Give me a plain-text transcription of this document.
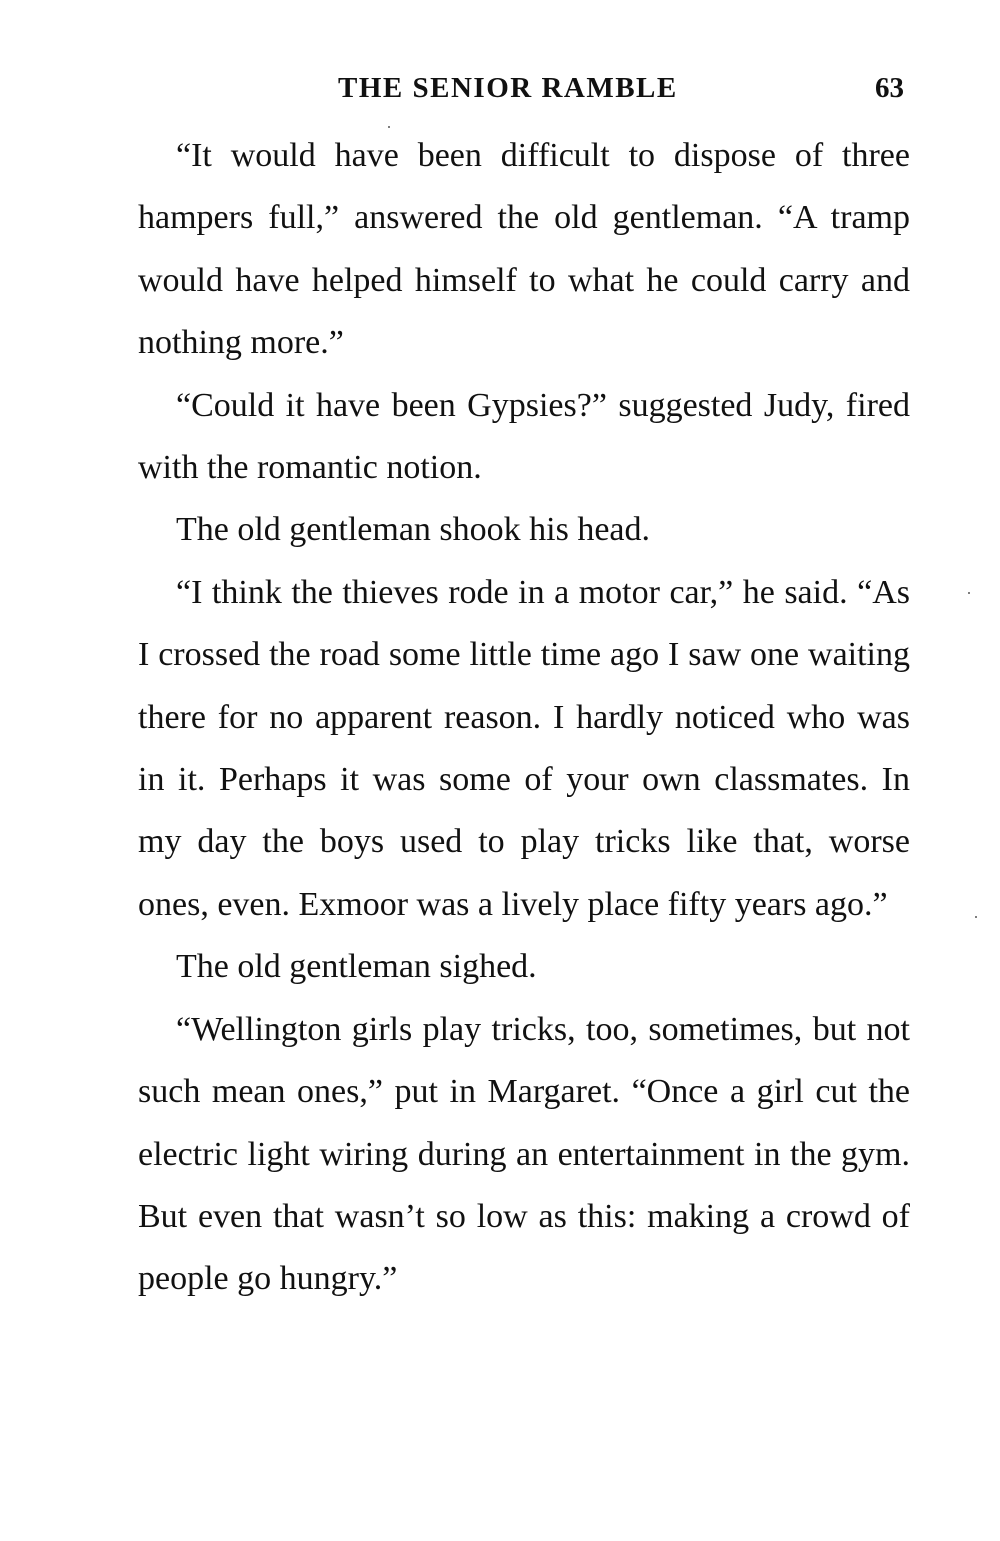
THE SENIOR RAMBLE	63

“It would have been difficult to dispose of three hampers full,” answered the old gentleman. “A tramp would have helped himself to what he could carry and nothing more.”

“Could it have been Gypsies?” suggested Judy, fired with the romantic notion.

The old gentleman shook his head.

“I think the thieves rode in a motor car,” he said. “As I crossed the road some little time ago I saw one waiting there for no apparent reason. I hardly noticed who was in it. Perhaps it was some of your own classmates. In my day the boys used to play tricks like that, worse ones, even. Exmoor was a lively place fifty years ago.”

The old gentleman sighed.

“Wellington girls play tricks, too, sometimes, but not such mean ones,” put in Margaret. “Once a girl cut the electric light wiring during an entertainment in the gym. But even that wasn’t so low as this: making a crowd of people go hungry.”
